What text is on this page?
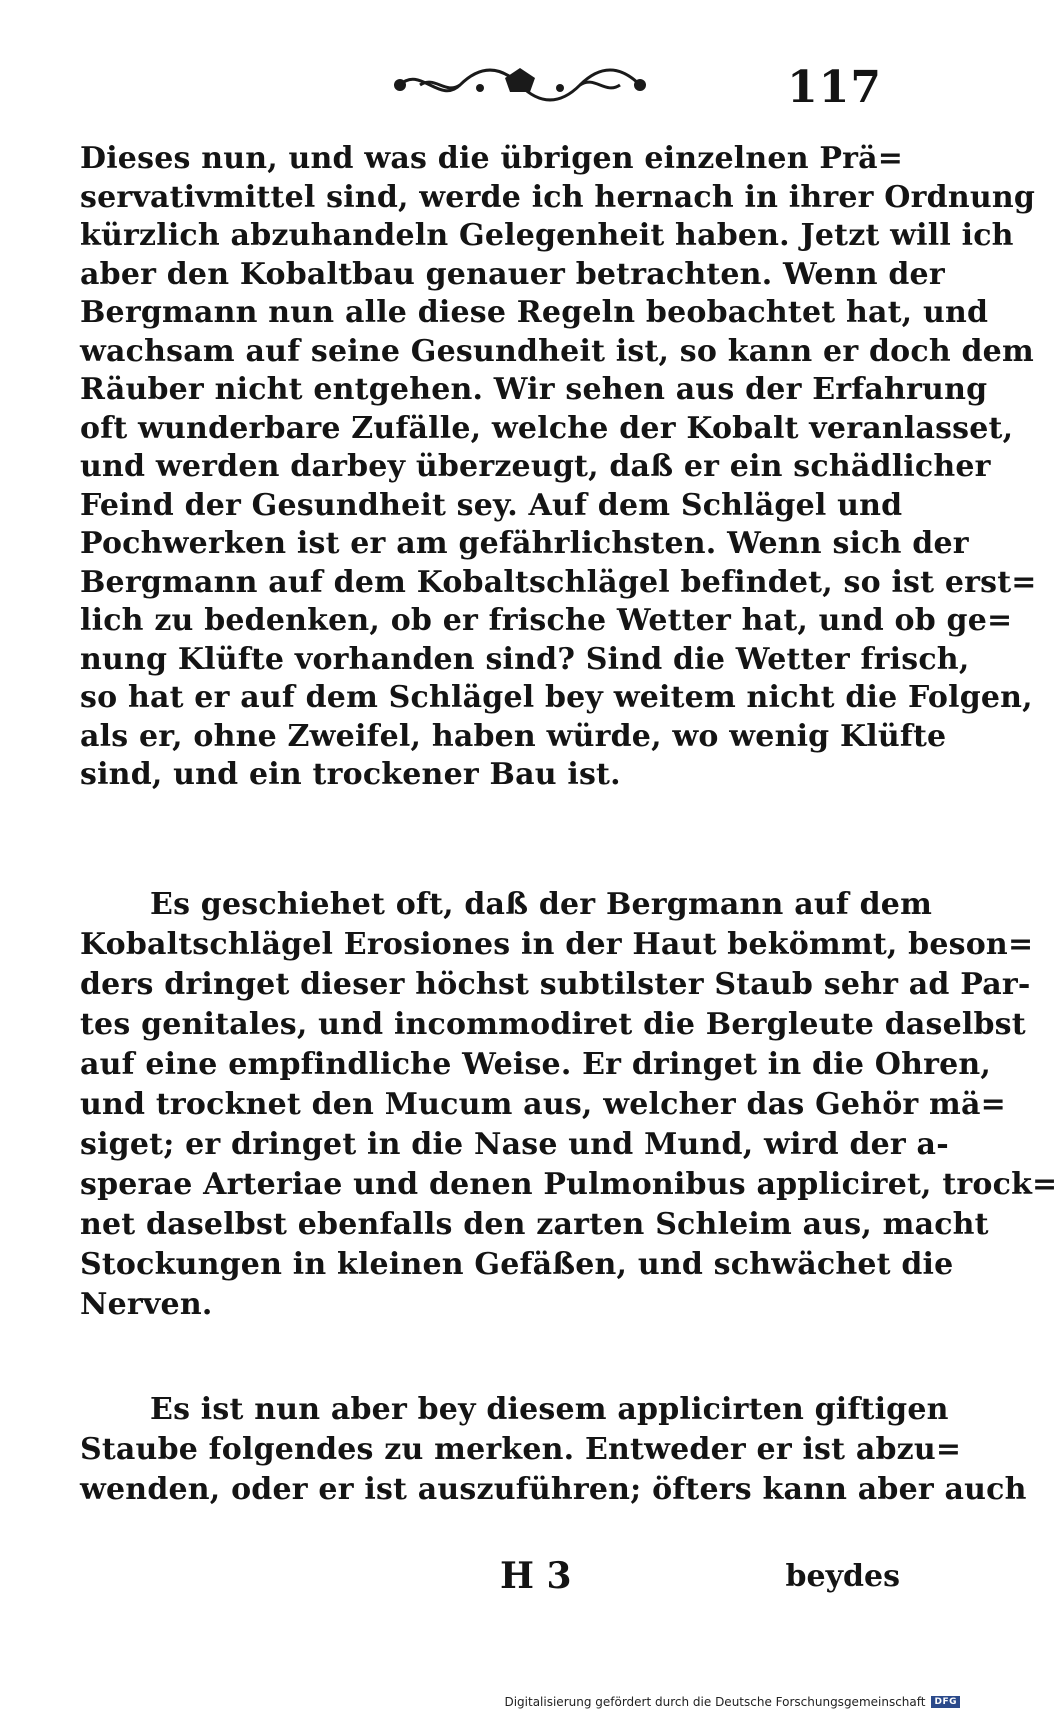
117
Dieses nun, und was die übrigen einzelnen Prä=
servativmittel sind, werde ich hernach in ihrer Ordnung
kürzlich abzuhandeln Gelegenheit haben. Jetzt will ich
aber den Kobaltbau genauer betrachten. Wenn der
Bergmann nun alle diese Regeln beobachtet hat, und
wachsam auf seine Gesundheit ist, so kann er doch dem
Räuber nicht entgehen. Wir sehen aus der Erfahrung
oft wunderbare Zufälle, welche der Kobalt veranlasset,
und werden darbey überzeugt, daß er ein schädlicher
Feind der Gesundheit sey. Auf dem Schlägel und
Pochwerken ist er am gefährlichsten. Wenn sich der
Bergmann auf dem Kobaltschlägel befindet, so ist erst=
lich zu bedenken, ob er frische Wetter hat, und ob ge=
nung Klüfte vorhanden sind? Sind die Wetter frisch,
so hat er auf dem Schlägel bey weitem nicht die Folgen,
als er, ohne Zweifel, haben würde, wo wenig Klüfte
sind, und ein trockener Bau ist.
Es geschiehet oft, daß der Bergmann auf dem
Kobaltschlägel Erosiones in der Haut bekömmt, beson=
ders dringet dieser höchst subtilster Staub sehr ad Par-
tes genitales, und incommodiret die Bergleute daselbst
auf eine empfindliche Weise. Er dringet in die Ohren,
und trocknet den Mucum aus, welcher das Gehör mä=
siget; er dringet in die Nase und Mund, wird der a-
sperae Arteriae und denen Pulmonibus appliciret, trock=
net daselbst ebenfalls den zarten Schleim aus, macht
Stockungen in kleinen Gefäßen, und schwächet die
Nerven.
Es ist nun aber bey diesem applicirten giftigen
Staube folgendes zu merken. Entweder er ist abzu=
wenden, oder er ist auszuführen; öfters kann aber auch
H 3	beydes
Digitalisierung gefördert durch die Deutsche Forschungsgemeinschaft	DFG
